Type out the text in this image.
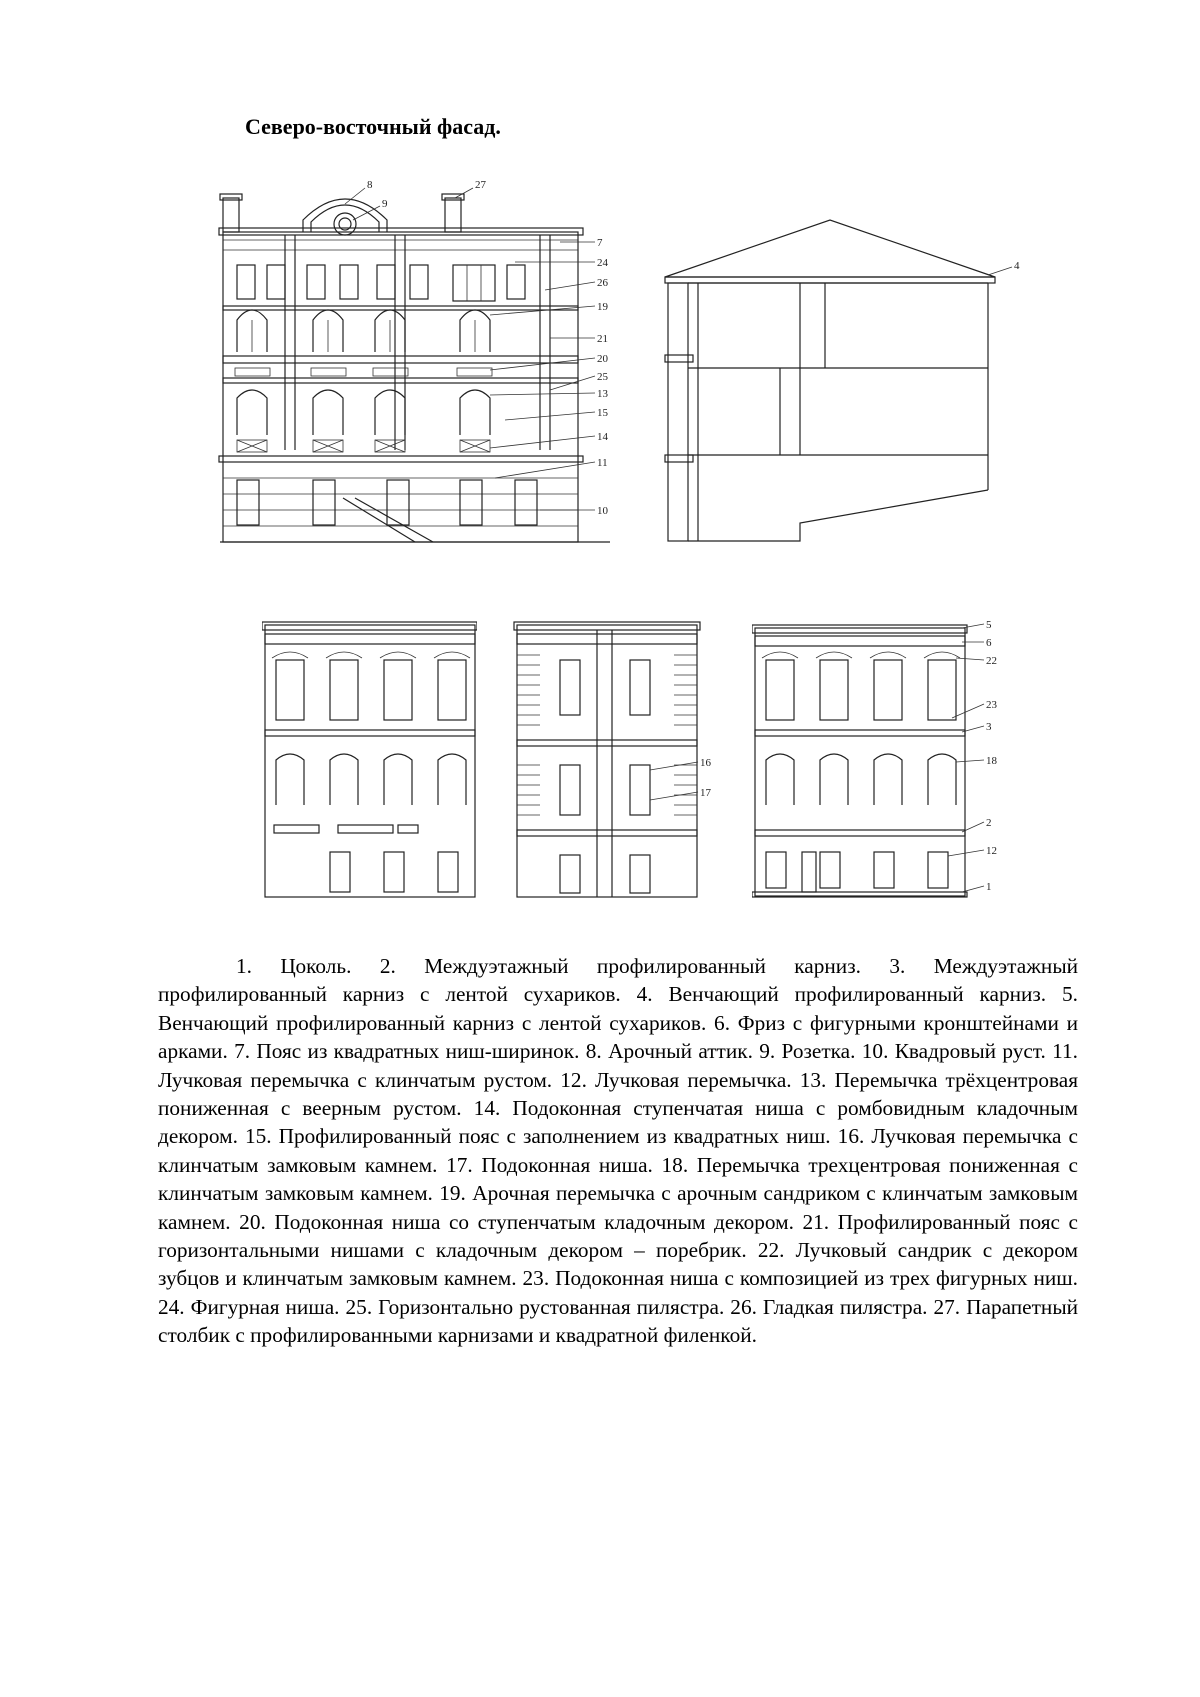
Северо-восточный фасад.
8
9
27
7
24
26
19
21
20
25
13
15
14
11
10
4
16
17
5
6
22
23
3
18
2
12
1

1. Цоколь. 2. Междуэтажный профилированный карниз. 3. Междуэтажный профилированный карниз с лентой сухариков. 4. Венчающий профилированный карниз. 5. Венчающий профилированный карниз с лентой сухариков. 6. Фриз с фигурными кронштейнами и арками. 7. Пояс из квадратных ниш-ширинок. 8. Арочный аттик. 9. Розетка. 10. Квадровый руст. 11. Лучковая перемычка с клинчатым рустом. 12. Лучковая перемычка. 13. Перемычка трёхцентровая пониженная с веерным рустом. 14. Подоконная ступенчатая ниша с ромбовидным кладочным декором. 15. Профилированный пояс с заполнением из квадратных ниш. 16. Лучковая перемычка с клинчатым замковым камнем. 17. Подоконная ниша. 18. Перемычка трехцентровая пониженная с клинчатым замковым камнем. 19. Арочная перемычка с арочным сандриком с клинчатым замковым камнем. 20. Подоконная ниша со ступенчатым кладочным декором. 21. Профилированный пояс с горизонтальными нишами с кладочным декором – поребрик. 22. Лучковый сандрик с декором зубцов и клинчатым замковым камнем. 23. Подоконная ниша с композицией из трех фигурных ниш. 24. Фигурная ниша. 25. Горизонтально рустованная пилястра. 26. Гладкая пилястра. 27. Парапетный столбик с профилированными карнизами и квадратной филенкой.
